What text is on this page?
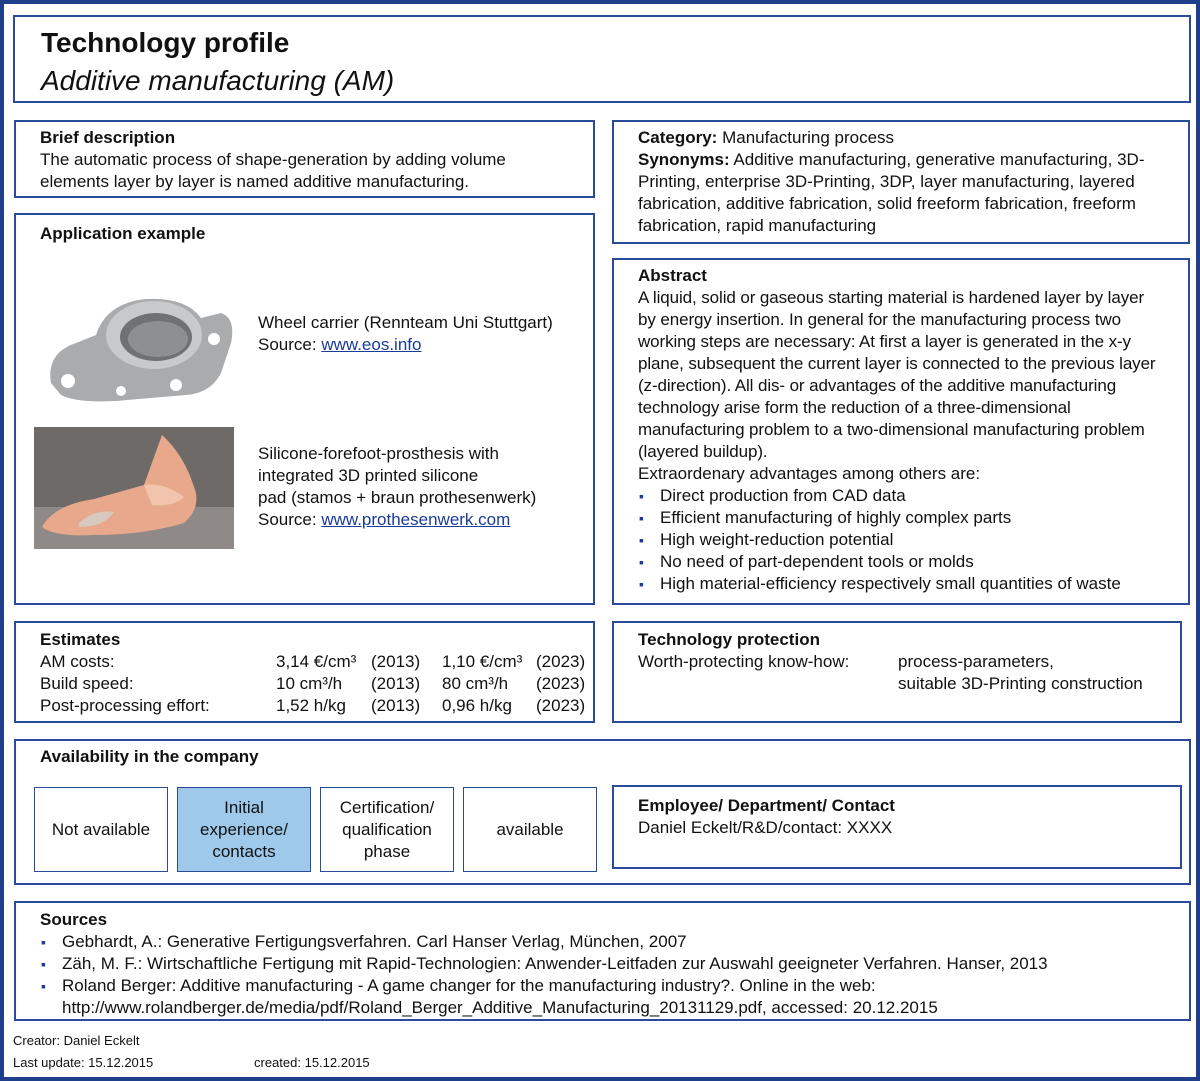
Technology profile
Additive manufacturing (AM)
Brief description
The automatic process of shape-generation by adding volume elements layer by layer is named additive manufacturing.
Category: Manufacturing process
Synonyms: Additive manufacturing, generative manufacturing, 3D-Printing, enterprise 3D-Printing, 3DP, layer manufacturing, layered fabrication, additive fabrication, solid freeform fabrication, freeform fabrication, rapid manufacturing
Application example
Wheel carrier (Rennteam Uni Stuttgart)
Source: www.eos.info
Silicone-forefoot-prosthesis with
integrated 3D printed silicone
pad (stamos + braun prothesenwerk)
Source: www.prothesenwerk.com
Abstract
A liquid, solid or gaseous starting material is hardened layer by layer by energy insertion. In general for the manufacturing process two working steps are necessary: At first a layer is generated in the x-y plane, subsequent the current layer is connected to the previous layer (z-direction). All dis- or advantages of the additive manufacturing technology arise form the reduction of a three-dimensional manufacturing problem to a two-dimensional manufacturing problem (layered buildup).
Extraordenary advantages among others are:
▪ Direct production from CAD data
▪ Efficient manufacturing of highly complex parts
▪ High weight-reduction potential
▪ No need of part-dependent tools or molds
▪ High material-efficiency respectively small quantities of waste
Estimates
AM costs:	3,14 €/cm³ (2013) 1,10 €/cm³ (2023)
Build speed:	10 cm³/h (2013) 80 cm³/h (2023)
Post-processing effort:	1,52 h/kg (2013) 0,96 h/kg (2023)
Technology protection
Worth-protecting know-how:	process-parameters,
suitable 3D-Printing construction
Availability in the company
Not available
Initial experience/ contacts
Certification/ qualification phase
available
Employee/ Department/ Contact
Daniel Eckelt/R&D/contact: XXXX
Sources
▪ Gebhardt, A.: Generative Fertigungsverfahren. Carl Hanser Verlag, München, 2007
▪ Zäh, M. F.: Wirtschaftliche Fertigung mit Rapid-Technologien: Anwender-Leitfaden zur Auswahl geeigneter Verfahren. Hanser, 2013
▪ Roland Berger: Additive manufacturing - A game changer for the manufacturing industry?. Online in the web: http://www.rolandberger.de/media/pdf/Roland_Berger_Additive_Manufacturing_20131129.pdf, accessed: 20.12.2015
Creator: Daniel Eckelt
Last update: 15.12.2015	created: 15.12.2015
